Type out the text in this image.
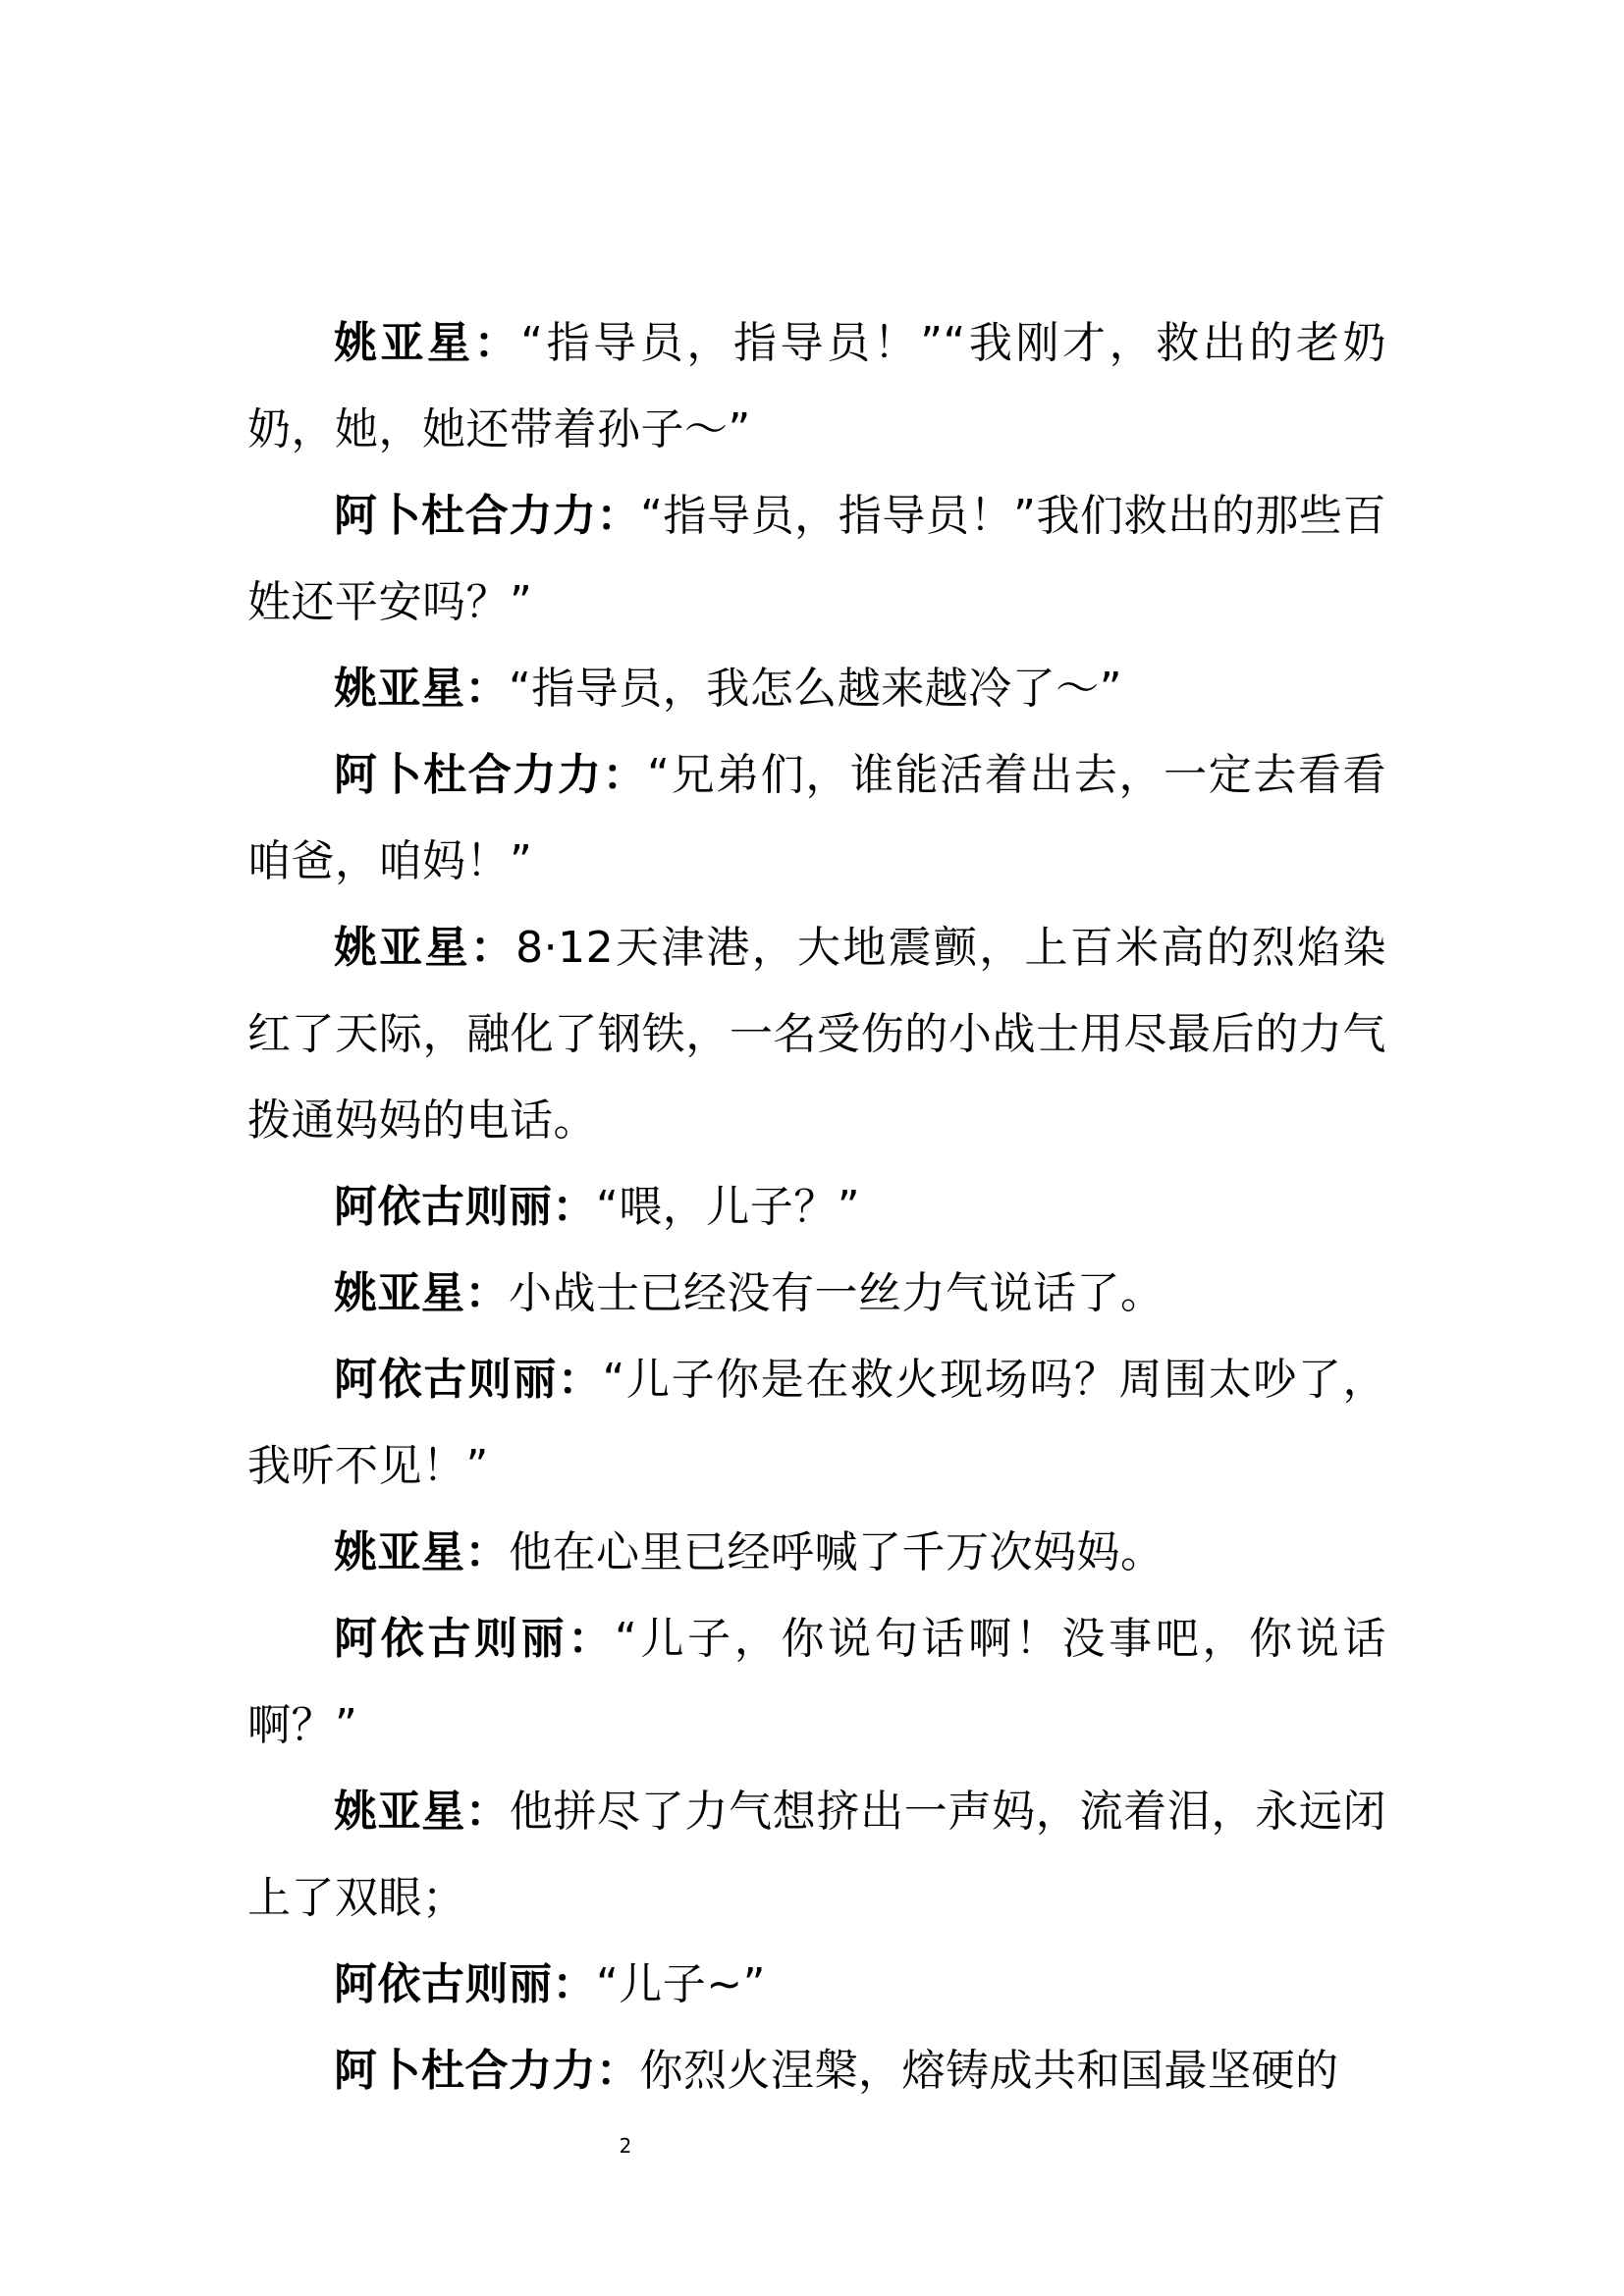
姚亚星：“指导员，指导员！”“我刚才，救出的老奶奶，她，她还带着孙子～”

阿卜杜合力力：“指导员，指导员！”我们救出的那些百姓还平安吗？”

姚亚星：“指导员，我怎么越来越冷了～”

阿卜杜合力力：“兄弟们，谁能活着出去，一定去看看咱爸，咱妈！”

姚亚星：8·12天津港，大地震颤，上百米高的烈焰染红了天际，融化了钢铁，一名受伤的小战士用尽最后的力气拨通妈妈的电话。

阿依古则丽：“喂，儿子？”

姚亚星：小战士已经没有一丝力气说话了。

阿依古则丽：“儿子你是在救火现场吗？周围太吵了，我听不见！”

姚亚星：他在心里已经呼喊了千万次妈妈。

阿依古则丽：“儿子，你说句话啊！没事吧，你说话啊？”

姚亚星：他拼尽了力气想挤出一声妈，流着泪，永远闭上了双眼；

阿依古则丽：“儿子~”

阿卜杜合力力：你烈火涅槃，熔铸成共和国最坚硬的

2
